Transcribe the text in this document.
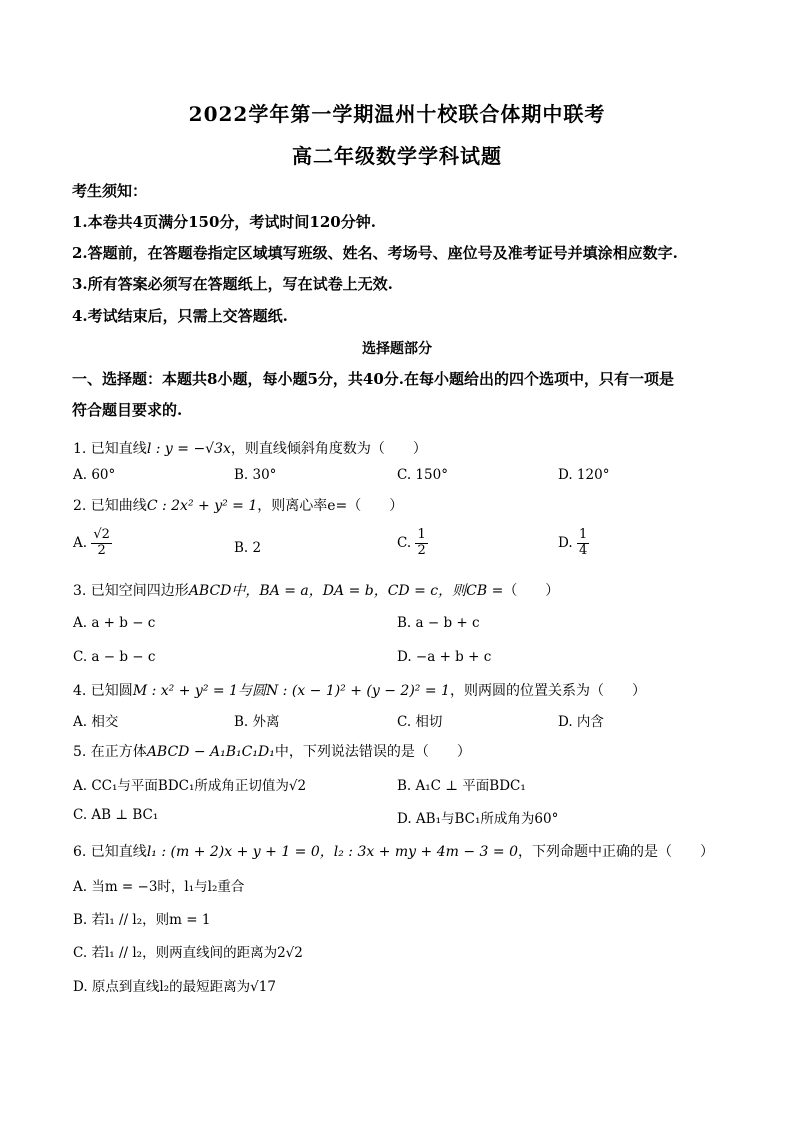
2022学年第一学期温州十校联合体期中联考
高二年级数学学科试题
考生须知：
1.本卷共4页满分150分，考试时间120分钟.
2.答题前，在答题卷指定区域填写班级、姓名、考场号、座位号及准考证号并填涂相应数字.
3.所有答案必须写在答题纸上，写在试卷上无效.
4.考试结束后，只需上交答题纸.
选择题部分
一、选择题：本题共8小题，每小题5分，共40分.在每小题给出的四个选项中，只有一项是
符合题目要求的.
1. 已知直线l : y = −√3x，则直线倾斜角度数为（　　）
A. 60°	B. 30°	C. 150°	D. 120°
2. 已知曲线C : 2x² + y² = 1，则离心率e=（　　）
A. $\frac{√2}{2}$	B. 2	C. $\frac{1}{2}$	D. $\frac{1}{4}$
3. 已知空间四边形ABCD中，BA = a，DA = b，CD = c，则CB =（　　）
A. a + b − c	B. a − b + c
C. a − b − c	D. −a + b + c
4. 已知圆M : x² + y² = 1与圆N : (x − 1)² + (y − 2)² = 1，则两圆的位置关系为（　　）
A. 相交	B. 外离	C. 相切	D. 内含
5. 在正方体ABCD − A₁B₁C₁D₁中，下列说法错误的是（　　）
A. CC₁与平面BDC₁所成角正切值为√2	B. A₁C ⊥ 平面BDC₁
C. AB ⊥ BC₁	D. AB₁与BC₁所成角为60°
6. 已知直线l₁ : (m + 2)x + y + 1 = 0，l₂ : 3x + my + 4m − 3 = 0，下列命题中正确的是（　　）
A. 当m = −3时，l₁与l₂重合
B. 若l₁ // l₂，则m = 1
C. 若l₁ // l₂，则两直线间的距离为2√2
D. 原点到直线l₂的最短距离为√17
